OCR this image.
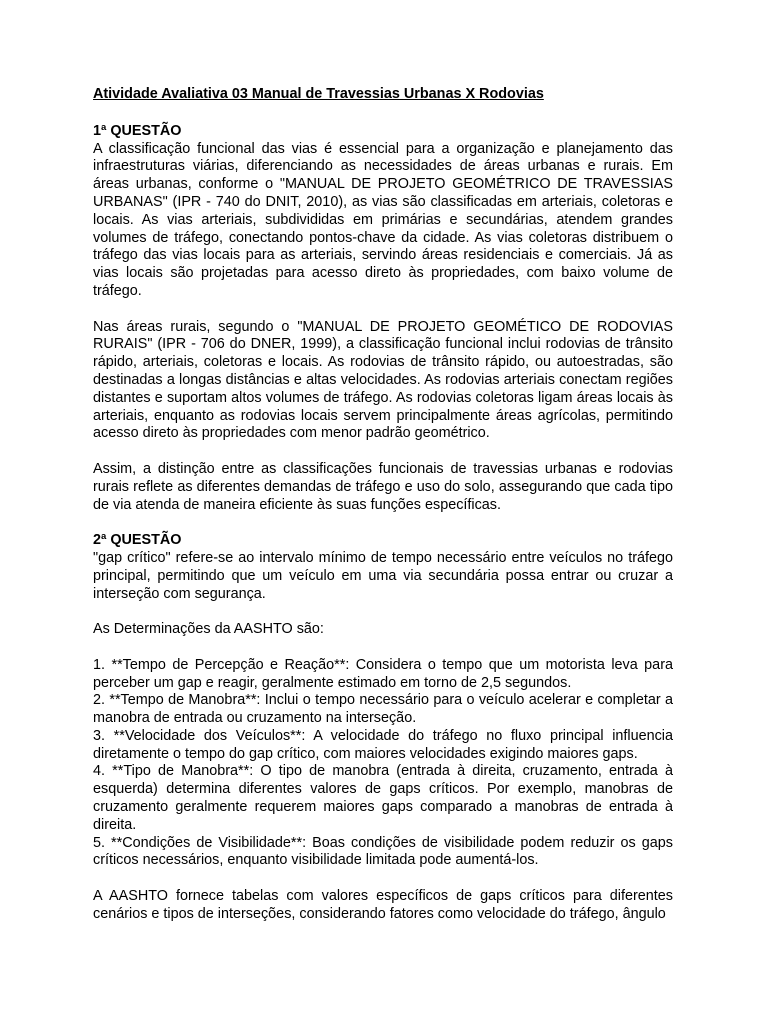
Atividade Avaliativa 03 Manual de Travessias Urbanas X Rodovias
1ª QUESTÃO

A classificação funcional das vias é essencial para a organização e planejamento das infraestruturas viárias, diferenciando as necessidades de áreas urbanas e rurais. Em áreas urbanas, conforme o "MANUAL DE PROJETO GEOMÉTRICO DE TRAVESSIAS URBANAS" (IPR - 740 do DNIT, 2010), as vias são classificadas em arteriais, coletoras e locais. As vias arteriais, subdivididas em primárias e secundárias, atendem grandes volumes de tráfego, conectando pontos-chave da cidade. As vias coletoras distribuem o tráfego das vias locais para as arteriais, servindo áreas residenciais e comerciais. Já as vias locais são projetadas para acesso direto às propriedades, com baixo volume de tráfego.

Nas áreas rurais, segundo o "MANUAL DE PROJETO GEOMÉTICO DE RODOVIAS RURAIS" (IPR - 706 do DNER, 1999), a classificação funcional inclui rodovias de trânsito rápido, arteriais, coletoras e locais. As rodovias de trânsito rápido, ou autoestradas, são destinadas a longas distâncias e altas velocidades. As rodovias arteriais conectam regiões distantes e suportam altos volumes de tráfego. As rodovias coletoras ligam áreas locais às arteriais, enquanto as rodovias locais servem principalmente áreas agrícolas, permitindo acesso direto às propriedades com menor padrão geométrico.

Assim, a distinção entre as classificações funcionais de travessias urbanas e rodovias rurais reflete as diferentes demandas de tráfego e uso do solo, assegurando que cada tipo de via atenda de maneira eficiente às suas funções específicas.

2ª QUESTÃO

"gap crítico" refere-se ao intervalo mínimo de tempo necessário entre veículos no tráfego principal, permitindo que um veículo em uma via secundária possa entrar ou cruzar a interseção com segurança.

As Determinações da AASHTO são:

1. **Tempo de Percepção e Reação**: Considera o tempo que um motorista leva para perceber um gap e reagir, geralmente estimado em torno de 2,5 segundos.
2. **Tempo de Manobra**: Inclui o tempo necessário para o veículo acelerar e completar a manobra de entrada ou cruzamento na interseção.
3. **Velocidade dos Veículos**: A velocidade do tráfego no fluxo principal influencia diretamente o tempo do gap crítico, com maiores velocidades exigindo maiores gaps.
4. **Tipo de Manobra**: O tipo de manobra (entrada à direita, cruzamento, entrada à esquerda) determina diferentes valores de gaps críticos. Por exemplo, manobras de cruzamento geralmente requerem maiores gaps comparado a manobras de entrada à direita.
5. **Condições de Visibilidade**: Boas condições de visibilidade podem reduzir os gaps críticos necessários, enquanto visibilidade limitada pode aumentá-los.

A AASHTO fornece tabelas com valores específicos de gaps críticos para diferentes cenários e tipos de interseções, considerando fatores como velocidade do tráfego, ângulo
